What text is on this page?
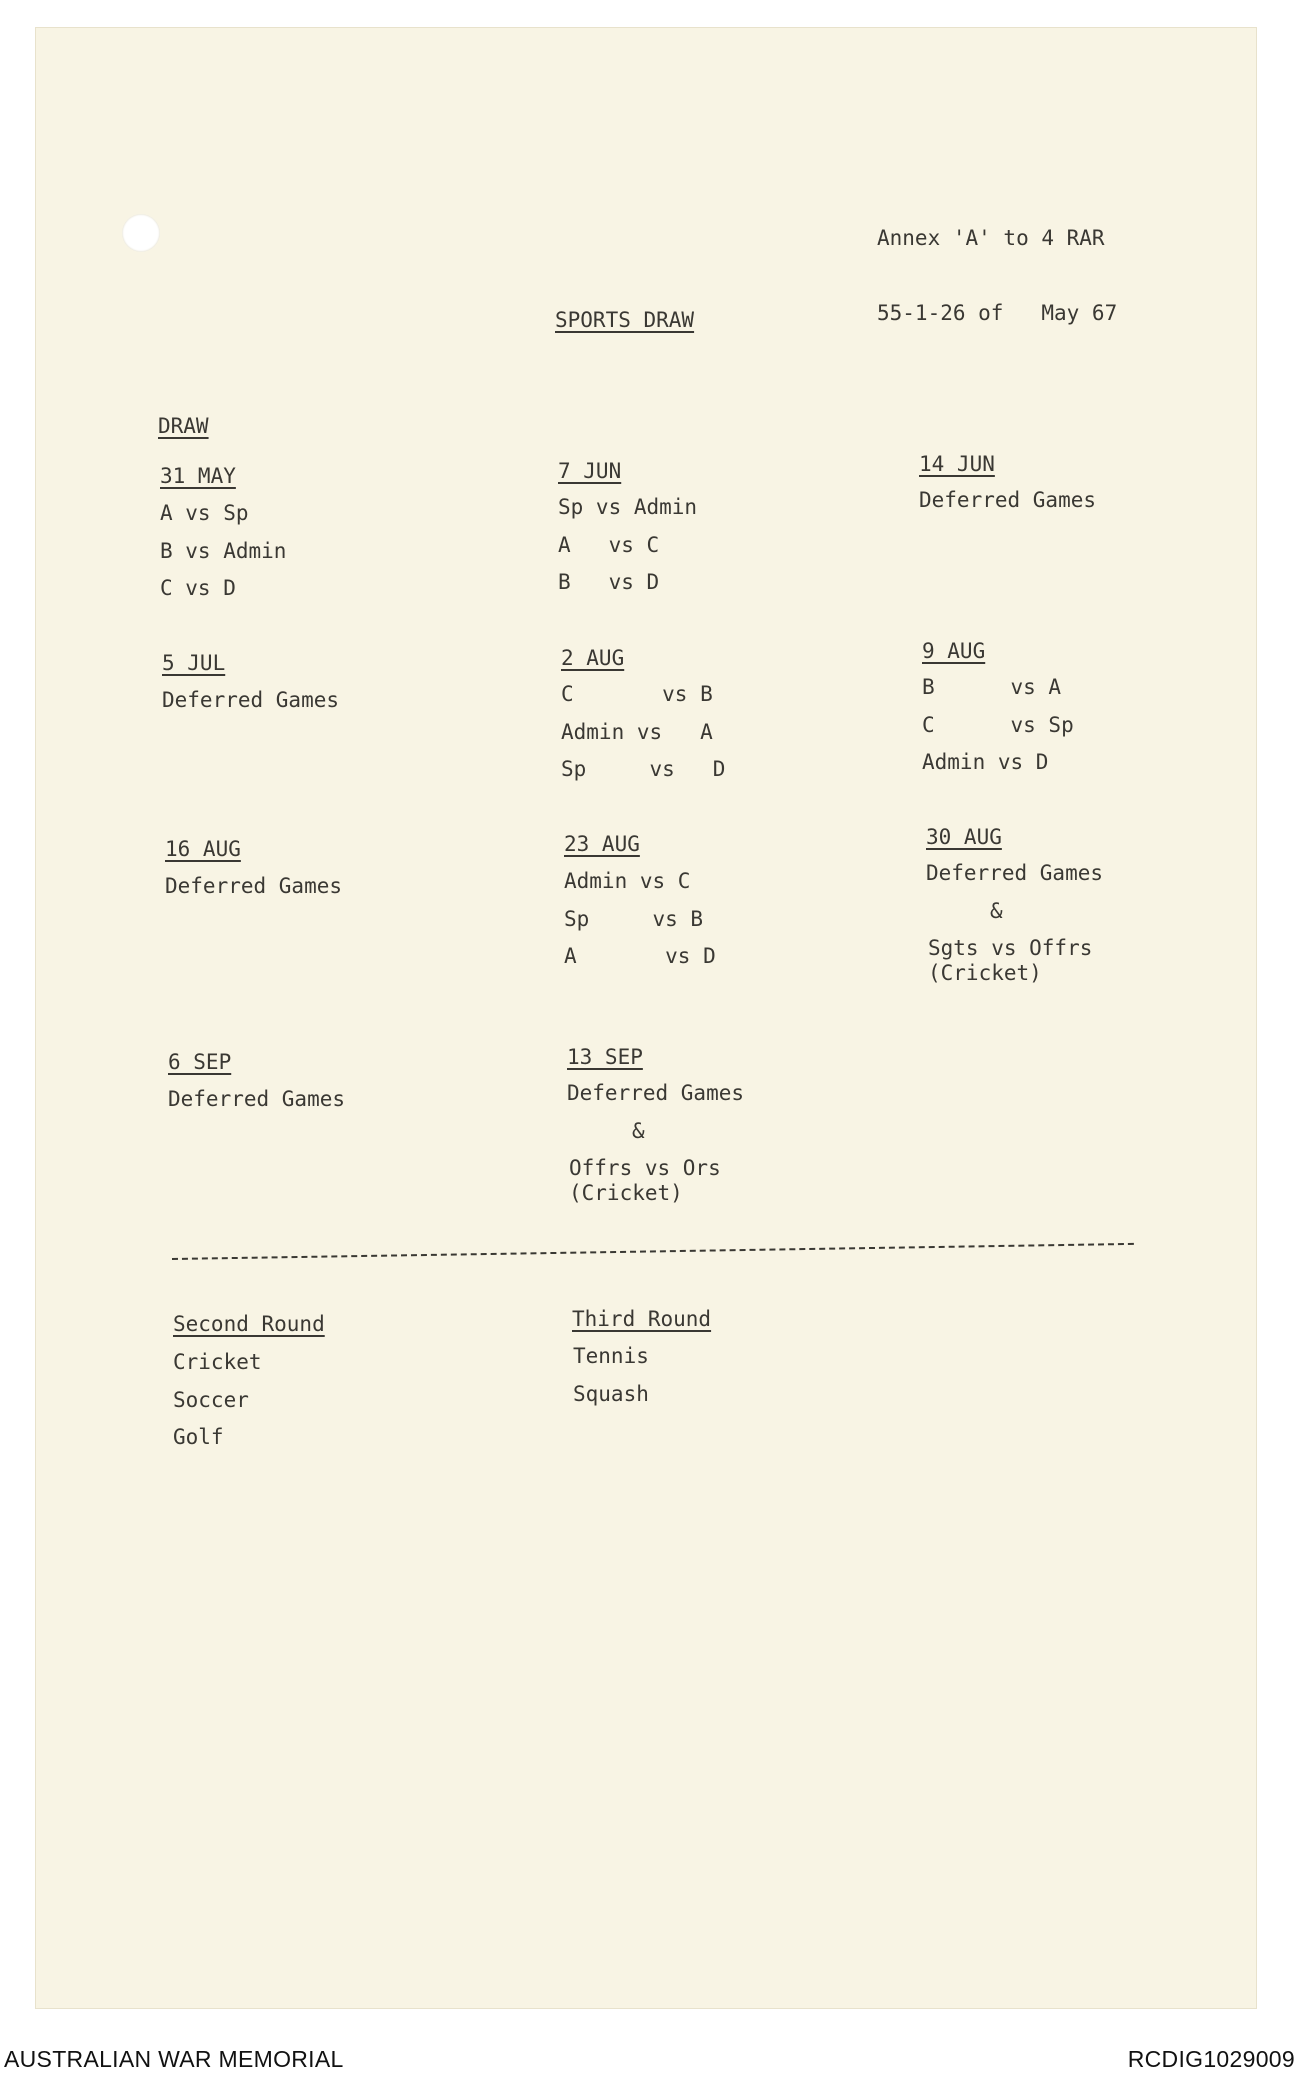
Annex 'A' to 4 RAR

55-1-26 of   May 67

SPORTS DRAW
DRAW
31 MAY
A vs Sp
B vs Admin
C vs D
7 JUN
Sp vs Admin
A   vs C
B   vs D
14 JUN
Deferred Games
5 JUL
Deferred Games
2 AUG
C       vs B
Admin vs   A
Sp     vs   D
9 AUG
B      vs A
C      vs Sp
Admin vs D
16 AUG
Deferred Games
23 AUG
Admin vs C
Sp     vs B
A       vs D
30 AUG
Deferred Games
&
Sgts vs Offrs
(Cricket)
6 SEP
Deferred Games
13 SEP
Deferred Games
&
Offrs vs Ors
(Cricket)
Second Round
Cricket
Soccer
Golf
Third Round
Tennis
Squash
AUSTRALIAN WAR MEMORIAL	RCDIG1029009
